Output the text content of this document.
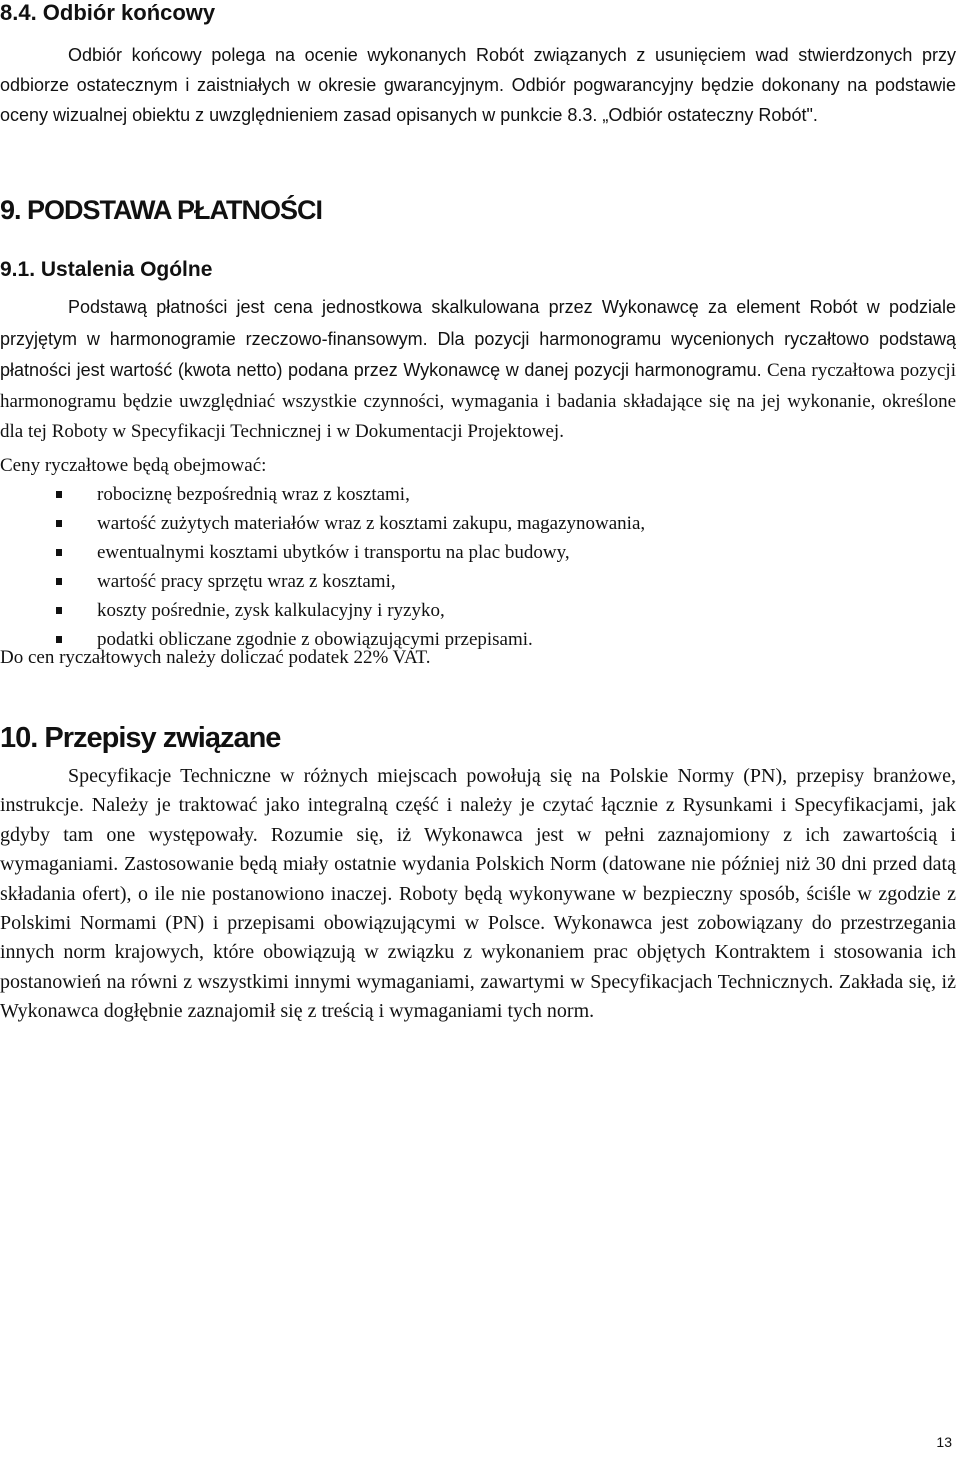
8.4. Odbiór końcowy

Odbiór końcowy polega na ocenie wykonanych Robót związanych z usunięciem wad stwierdzonych przy odbiorze ostatecznym i zaistniałych w okresie gwarancyjnym. Odbiór pogwarancyjny będzie dokonany na podstawie oceny wizualnej obiektu z uwzględnieniem zasad opisanych w punkcie 8.3. „Odbiór ostateczny Robót".

9. PODSTAWA PŁATNOŚCI
9.1. Ustalenia Ogólne

Podstawą płatności jest cena jednostkowa skalkulowana przez Wykonawcę za element Robót w podziale przyjętym w harmonogramie rzeczowo-finansowym. Dla pozycji harmonogramu wycenionych ryczałtowo podstawą płatności jest wartość (kwota netto) podana przez Wykonawcę w danej pozycji harmonogramu. Cena ryczałtowa pozycji harmonogramu będzie uwzględniać wszystkie czynności, wymagania i badania składające się na jej wykonanie, określone dla tej Roboty w Specyfikacji Technicznej i w Dokumentacji Projektowej.

Ceny ryczałtowe będą obejmować:

robociznę bezpośrednią wraz z kosztami,
wartość zużytych materiałów wraz z kosztami zakupu, magazynowania,
ewentualnymi kosztami ubytków i transportu na plac budowy,
wartość pracy sprzętu wraz z kosztami,
koszty pośrednie, zysk kalkulacyjny i ryzyko,
podatki obliczane zgodnie z obowiązującymi przepisami.

Do cen ryczałtowych należy doliczać podatek 22% VAT.

10. Przepisy związane

Specyfikacje Techniczne w różnych miejscach powołują się na Polskie Normy (PN), przepisy branżowe, instrukcje. Należy je traktować jako integralną część i należy je czytać łącznie z Rysunkami i Specyfikacjami, jak gdyby tam one występowały. Rozumie się, iż Wykonawca jest w pełni zaznajomiony z ich zawartością i wymaganiami. Zastosowanie będą miały ostatnie wydania Polskich Norm (datowane nie później niż 30 dni przed datą składania ofert), o ile nie postanowiono inaczej. Roboty będą wykonywane w bezpieczny sposób, ściśle w zgodzie z Polskimi Normami (PN) i przepisami obowiązującymi w Polsce. Wykonawca jest zobowiązany do przestrzegania innych norm krajowych, które obowiązują w związku z wykonaniem prac objętych Kontraktem i stosowania ich postanowień na równi z wszystkimi innymi wymaganiami, zawartymi w Specyfikacjach Technicznych. Zakłada się, iż Wykonawca dogłębnie zaznajomił się z treścią i wymaganiami tych norm.

13
